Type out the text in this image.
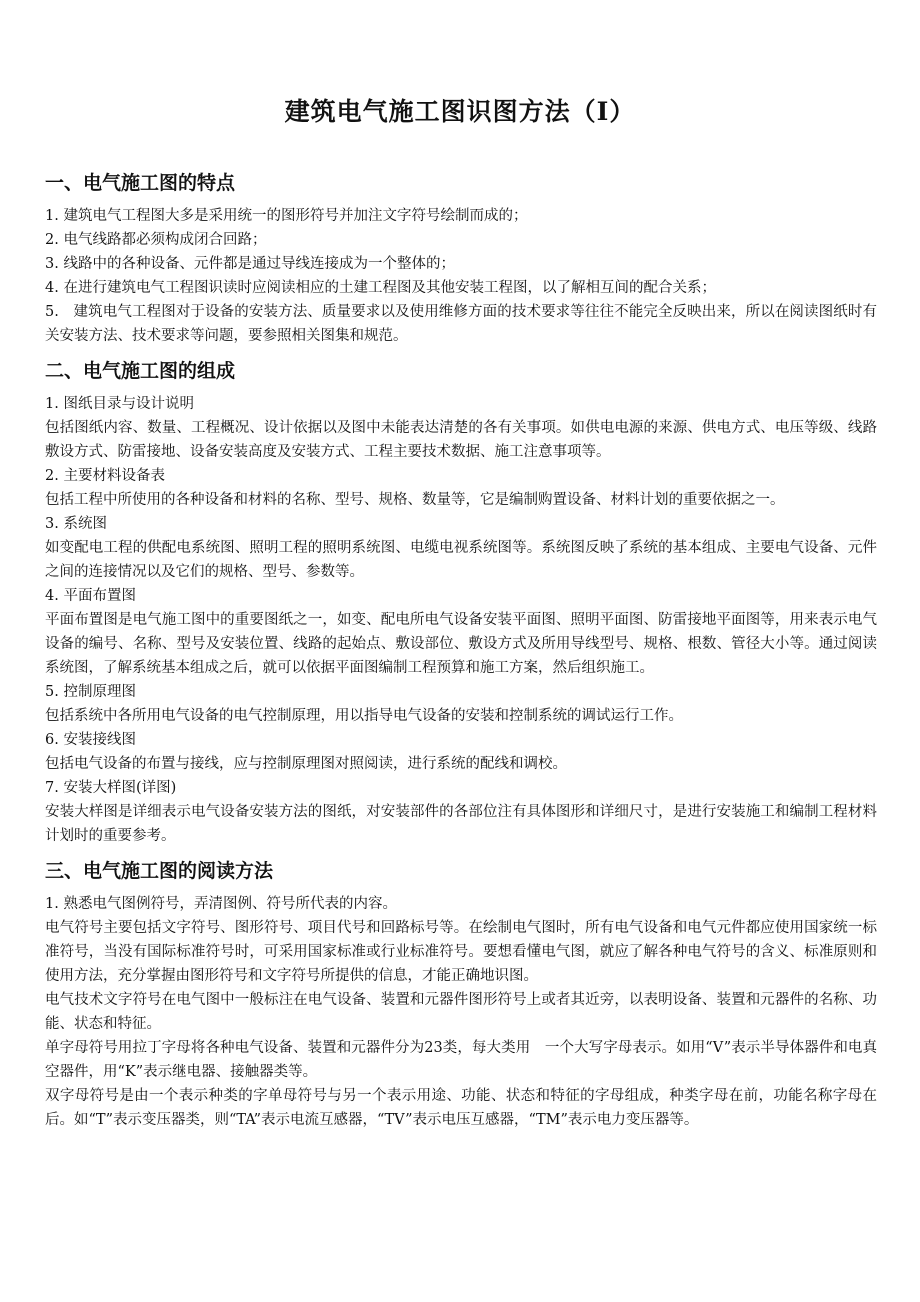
建筑电气施工图识图方法（I）
一、电气施工图的特点

1. 建筑电气工程图大多是采用统一的图形符号并加注文字符号绘制而成的；

2. 电气线路都必须构成闭合回路；

3. 线路中的各种设备、元件都是通过导线连接成为一个整体的；

4. 在进行建筑电气工程图识读时应阅读相应的土建工程图及其他安装工程图，以了解相互间的配合关系；

5.　建筑电气工程图对于设备的安装方法、质量要求以及使用维修方面的技术要求等往往不能完全反映出来，所以在阅读图纸时有关安装方法、技术要求等问题，要参照相关图集和规范。

二、电气施工图的组成

1. 图纸目录与设计说明

包括图纸内容、数量、工程概况、设计依据以及图中未能表达清楚的各有关事项。如供电电源的来源、供电方式、电压等级、线路敷设方式、防雷接地、设备安装高度及安装方式、工程主要技术数据、施工注意事项等。

2. 主要材料设备表

包括工程中所使用的各种设备和材料的名称、型号、规格、数量等，它是编制购置设备、材料计划的重要依据之一。

3. 系统图

如变配电工程的供配电系统图、照明工程的照明系统图、电缆电视系统图等。系统图反映了系统的基本组成、主要电气设备、元件之间的连接情况以及它们的规格、型号、参数等。

4. 平面布置图

平面布置图是电气施工图中的重要图纸之一，如变、配电所电气设备安装平面图、照明平面图、防雷接地平面图等，用来表示电气设备的编号、名称、型号及安装位置、线路的起始点、敷设部位、敷设方式及所用导线型号、规格、根数、管径大小等。通过阅读系统图，了解系统基本组成之后，就可以依据平面图编制工程预算和施工方案，然后组织施工。

5. 控制原理图

包括系统中各所用电气设备的电气控制原理，用以指导电气设备的安装和控制系统的调试运行工作。

6. 安装接线图

包括电气设备的布置与接线，应与控制原理图对照阅读，进行系统的配线和调校。

7. 安装大样图(详图)

安装大样图是详细表示电气设备安装方法的图纸，对安装部件的各部位注有具体图形和详细尺寸，是进行安装施工和编制工程材料计划时的重要参考。

三、电气施工图的阅读方法

1. 熟悉电气图例符号，弄清图例、符号所代表的内容。

电气符号主要包括文字符号、图形符号、项目代号和回路标号等。在绘制电气图时，所有电气设备和电气元件都应使用国家统一标准符号，当没有国际标准符号时，可采用国家标准或行业标准符号。要想看懂电气图，就应了解各种电气符号的含义、标准原则和使用方法，充分掌握由图形符号和文字符号所提供的信息，才能正确地识图。

电气技术文字符号在电气图中一般标注在电气设备、装置和元器件图形符号上或者其近旁，以表明设备、装置和元器件的名称、功能、状态和特征。

单字母符号用拉丁字母将各种电气设备、装置和元器件分为23类，每大类用　一个大写字母表示。如用“V”表示半导体器件和电真空器件，用“K”表示继电器、接触器类等。

双字母符号是由一个表示种类的字单母符号与另一个表示用途、功能、状态和特征的字母组成，种类字母在前，功能名称字母在后。如“T”表示变压器类，则“TA”表示电流互感器，“TV”表示电压互感器，“TM”表示电力变压器等。
